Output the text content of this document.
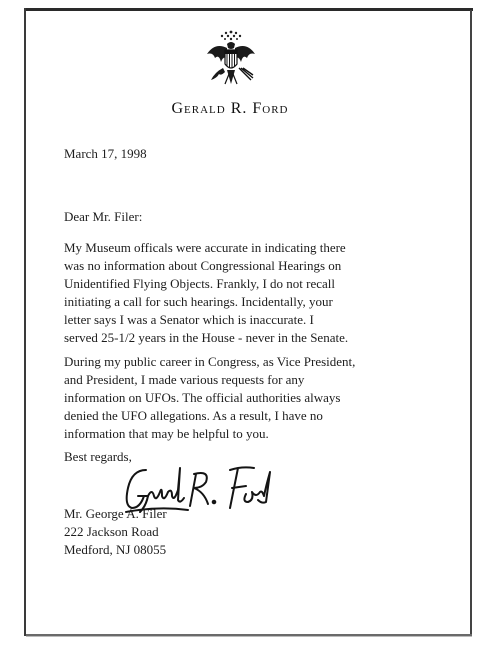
Gerald R. Ford
March 17, 1998
Dear Mr. Filer:
My Museum officals were accurate in indicating there
was no information about Congressional Hearings on
Unidentified Flying Objects. Frankly, I do not recall
initiating a call for such hearings. Incidentally, your
letter says I was a Senator which is inaccurate. I
served 25-1/2 years in the House - never in the Senate.
During my public career in Congress, as Vice President,
and President, I made various requests for any
information on UFOs. The official authorities always
denied the UFO allegations. As a result, I have no
information that may be helpful to you.
Best regards,
Mr. George A. Filer
222 Jackson Road
Medford, NJ 08055
